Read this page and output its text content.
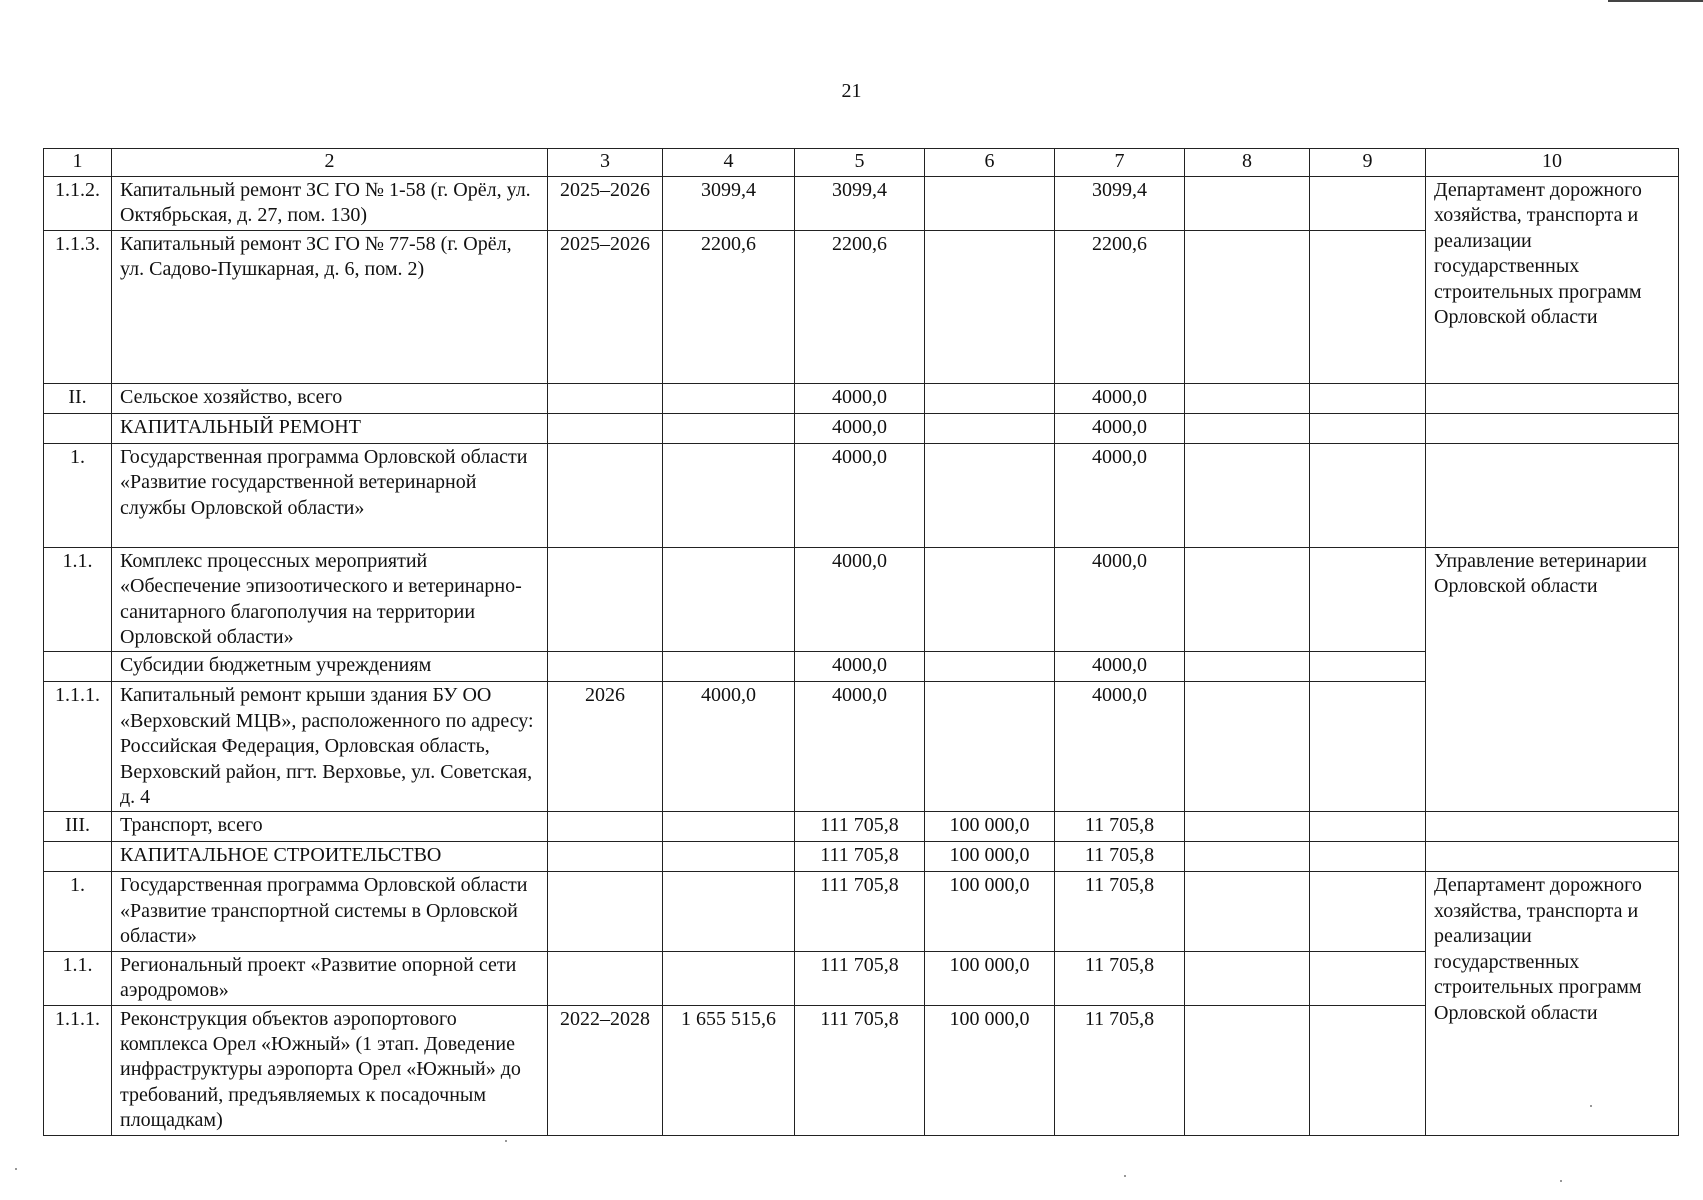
21
1	2	3	4	5	6	7	8	9	10
1.1.2.	Капитальный ремонт ЗС ГО № 1-58 (г. Орёл, ул. Октябрьская, д. 27, пом. 130)	2025–2026	3099,4	3099,4		3099,4			Департамент дорожного хозяйства, транспорта и реализации государственных строительных программ Орловской области
1.1.3.	Капитальный ремонт ЗС ГО № 77-58 (г. Орёл, ул. Садово-Пушкарная, д. 6, пом. 2)	2025–2026	2200,6	2200,6		2200,6			
II.	Сельское хозяйство, всего			4000,0		4000,0			
	КАПИТАЛЬНЫЙ РЕМОНТ			4000,0		4000,0			
1.	Государственная программа Орловской области «Развитие государственной ветеринарной службы Орловской области»			4000,0		4000,0			
1.1.	Комплекс процессных мероприятий «Обеспечение эпизоотического и ветеринарно-санитарного благополучия на территории Орловской области»			4000,0		4000,0			Управление ветеринарии Орловской области
	Субсидии бюджетным учреждениям			4000,0		4000,0			
1.1.1.	Капитальный ремонт крыши здания БУ ОО «Верховский МЦВ», расположенного по адресу: Российская Федерация, Орловская область, Верховский район, пгт. Верховье, ул. Советская, д. 4	2026	4000,0	4000,0		4000,0			
III.	Транспорт, всего			111 705,8	100 000,0	11 705,8			
	КАПИТАЛЬНОЕ СТРОИТЕЛЬСТВО			111 705,8	100 000,0	11 705,8			
1.	Государственная программа Орловской области «Развитие транспортной системы в Орловской области»			111 705,8	100 000,0	11 705,8			Департамент дорожного хозяйства, транспорта и реализации государственных строительных программ Орловской области
1.1.	Региональный проект «Развитие опорной сети аэродромов»			111 705,8	100 000,0	11 705,8			
1.1.1.	Реконструкция объектов аэропортового комплекса Орел «Южный» (1 этап. Доведение инфраструктуры аэропорта Орел «Южный» до требований, предъявляемых к посадочным площадкам)	2022–2028	1 655 515,6	111 705,8	100 000,0	11 705,8			
